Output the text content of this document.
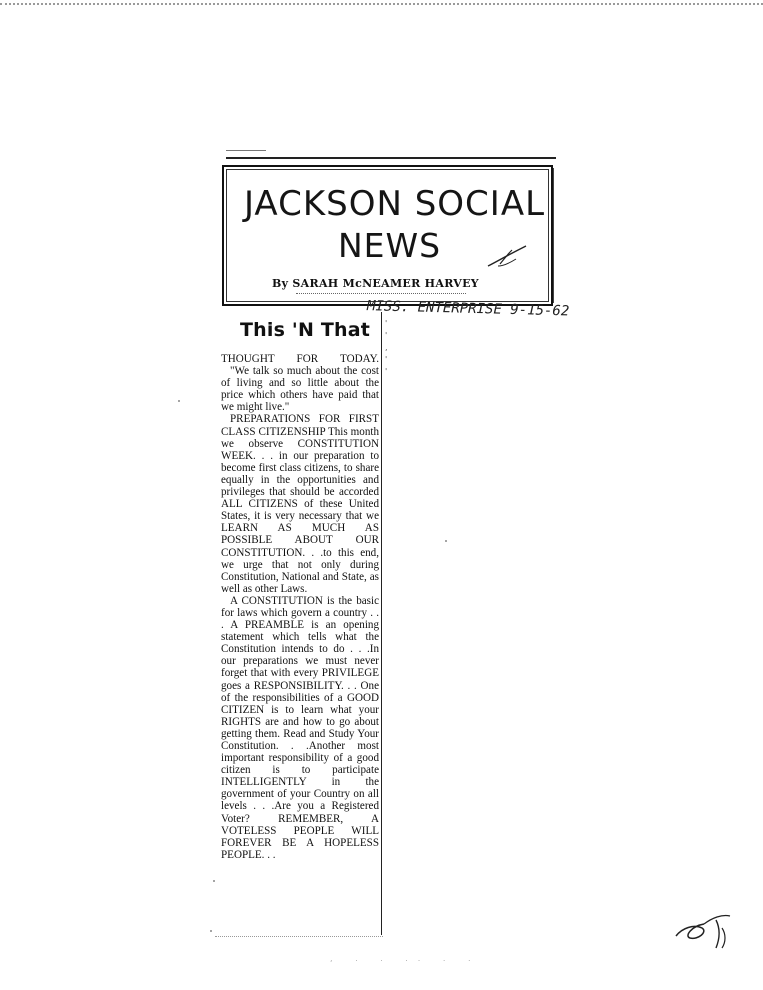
JACKSON SOCIAL
NEWS
By SARAH McNEAMER HARVEY
MISS. ENTERPRISE 9-15-62
This 'N That	'
'
,
'
'

THOUGHT FOR TODAY.

"We talk so much about the cost of living and so little about the price which others have paid that we might live."

PREPARATIONS FOR FIRST CLASS CITIZENSHIP This month we observe CONSTITUTION WEEK. . . in our preparation to become first class citizens, to share equally in the opportunities and privileges that should be accorded ALL CITIZENS of these United States, it is very necessary that we LEARN AS MUCH AS POSSIBLE ABOUT OUR CONSTITUTION. . .to this end, we urge that not only during Constitution, National and State, as well as other Laws.

A CONSTITUTION is the basic for laws which govern a country . . . A PREAMBLE is an opening statement which tells what the Constitution intends to do . . .In our preparations we must never forget that with every PRIVILEGE goes a RESPONSIBILITY. . . One of the responsibilities of a GOOD CITIZEN is to learn what your RIGHTS are and how to go about getting them. Read and Study Your Constitution. . .Another most important responsibility of a good citizen is to participate INTELLIGENTLY in the government of your Country on all levels . . .Are you a Registered Voter? REMEMBER, A VOTELESS PEOPLE WILL FOREVER BE A HOPELESS PEOPLE. . .

, . . .. . .
